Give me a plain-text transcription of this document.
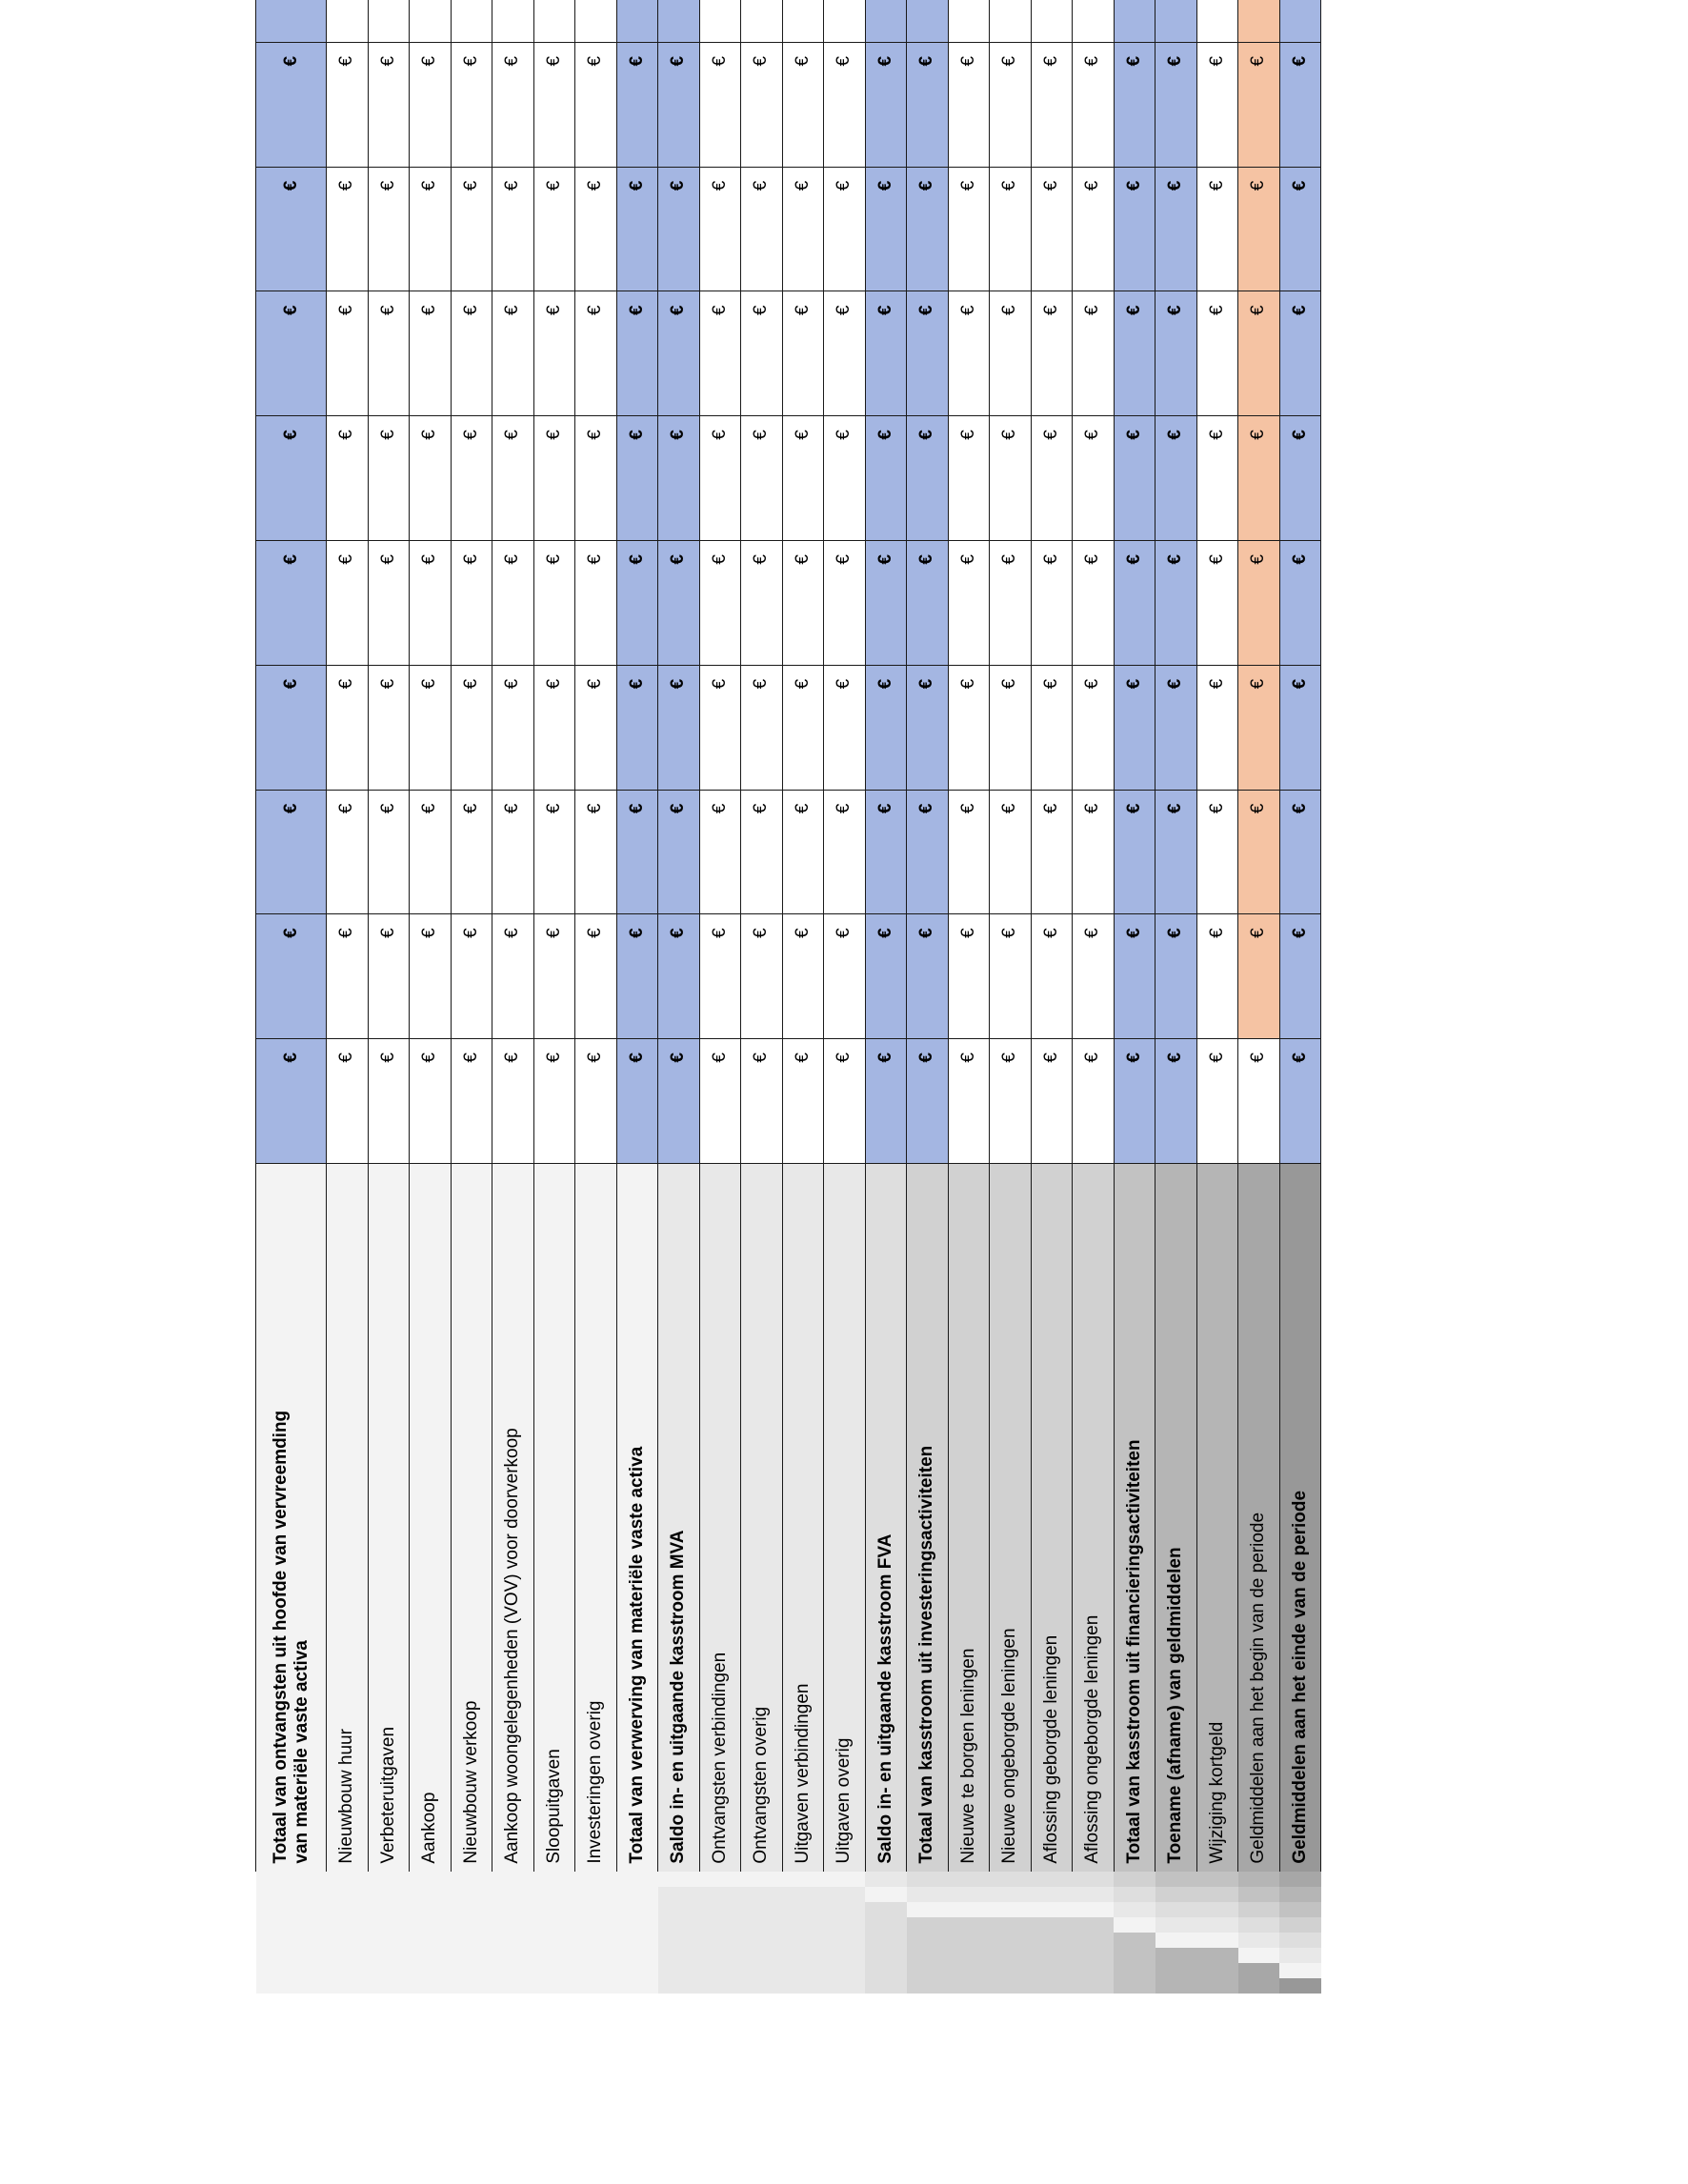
								Totaal van ontvangsten uit hoofde van vervreemding van materiële vaste activa	€	€	€	€	€	€	€	€	€	
								Nieuwbouw huur	€	€	€	€	€	€	€	€	€	
								Verbeteruitgaven	€	€	€	€	€	€	€	€	€	
								Aankoop	€	€	€	€	€	€	€	€	€	
								Nieuwbouw verkoop	€	€	€	€	€	€	€	€	€	
								Aankoop woongelegenheden (VOV) voor doorverkoop	€	€	€	€	€	€	€	€	€	
								Sloopuitgaven	€	€	€	€	€	€	€	€	€	
								Investeringen overig	€	€	€	€	€	€	€	€	€	
								Totaal van verwerving van materiële vaste activa	€	€	€	€	€	€	€	€	€	
								Saldo in- en uitgaande kasstroom MVA	€	€	€	€	€	€	€	€	€	
								Ontvangsten verbindingen	€	€	€	€	€	€	€	€	€	
								Ontvangsten overig	€	€	€	€	€	€	€	€	€	
								Uitgaven verbindingen	€	€	€	€	€	€	€	€	€	
								Uitgaven overig	€	€	€	€	€	€	€	€	€	
								Saldo in- en uitgaande kasstroom FVA	€	€	€	€	€	€	€	€	€	
								Totaal van kasstroom uit investeringsactiviteiten	€	€	€	€	€	€	€	€	€	
								Nieuwe te borgen leningen	€	€	€	€	€	€	€	€	€	
								Nieuwe ongeborgde leningen	€	€	€	€	€	€	€	€	€	
								Aflossing geborgde leningen	€	€	€	€	€	€	€	€	€	
								Aflossing ongeborgde leningen	€	€	€	€	€	€	€	€	€	
								Totaal van kasstroom uit financieringsactiviteiten	€	€	€	€	€	€	€	€	€	
								Toename (afname) van geldmiddelen	€	€	€	€	€	€	€	€	€	
								Wijziging kortgeld	€	€	€	€	€	€	€	€	€	
								Geldmiddelen aan het begin van de periode	€	€	€	€	€	€	€	€	€	
								Geldmiddelen aan het einde van de periode	€	€	€	€	€	€	€	€	€	
